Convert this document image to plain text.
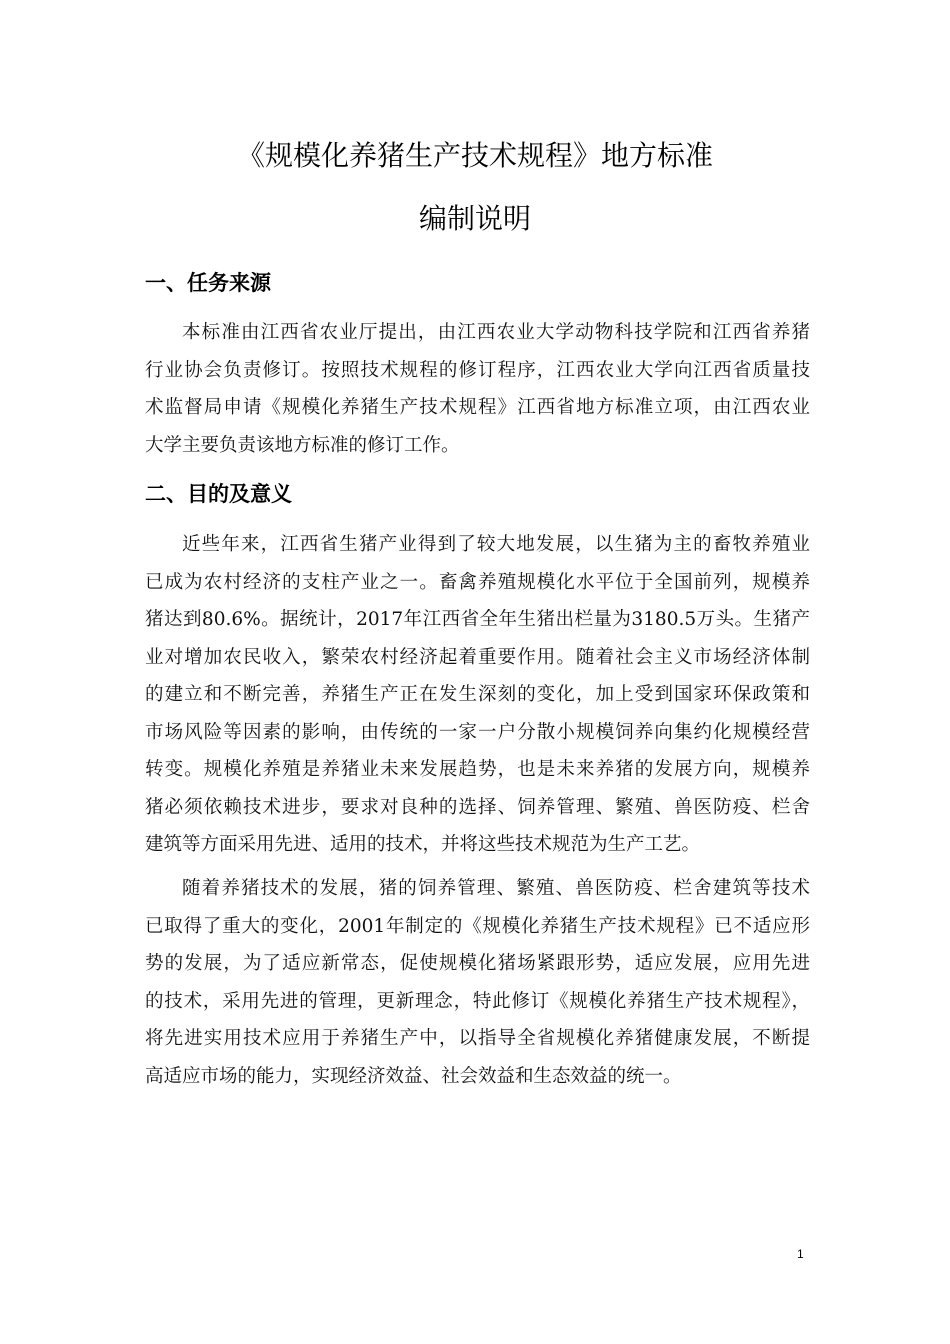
《规模化养猪生产技术规程》地方标准
编制说明
一、任务来源
本标准由江西省农业厅提出，由江西农业大学动物科技学院和江西省养猪
行业协会负责修订。按照技术规程的修订程序，江西农业大学向江西省质量技
术监督局申请《规模化养猪生产技术规程》江西省地方标准立项，由江西农业
大学主要负责该地方标准的修订工作。
二、目的及意义
近些年来，江西省生猪产业得到了较大地发展，以生猪为主的畜牧养殖业
已成为农村经济的支柱产业之一。畜禽养殖规模化水平位于全国前列，规模养
猪达到80.6%。据统计，2017年江西省全年生猪出栏量为3180.5万头。生猪产
业对增加农民收入，繁荣农村经济起着重要作用。随着社会主义市场经济体制
的建立和不断完善，养猪生产正在发生深刻的变化，加上受到国家环保政策和
市场风险等因素的影响，由传统的一家一户分散小规模饲养向集约化规模经营
转变。规模化养殖是养猪业未来发展趋势，也是未来养猪的发展方向，规模养
猪必须依赖技术进步，要求对良种的选择、饲养管理、繁殖、兽医防疫、栏舍
建筑等方面采用先进、适用的技术，并将这些技术规范为生产工艺。
随着养猪技术的发展，猪的饲养管理、繁殖、兽医防疫、栏舍建筑等技术
已取得了重大的变化，2001年制定的《规模化养猪生产技术规程》已不适应形
势的发展，为了适应新常态，促使规模化猪场紧跟形势，适应发展，应用先进
的技术，采用先进的管理，更新理念，特此修订《规模化养猪生产技术规程》，
将先进实用技术应用于养猪生产中，以指导全省规模化养猪健康发展，不断提
高适应市场的能力，实现经济效益、社会效益和生态效益的统一。
1
